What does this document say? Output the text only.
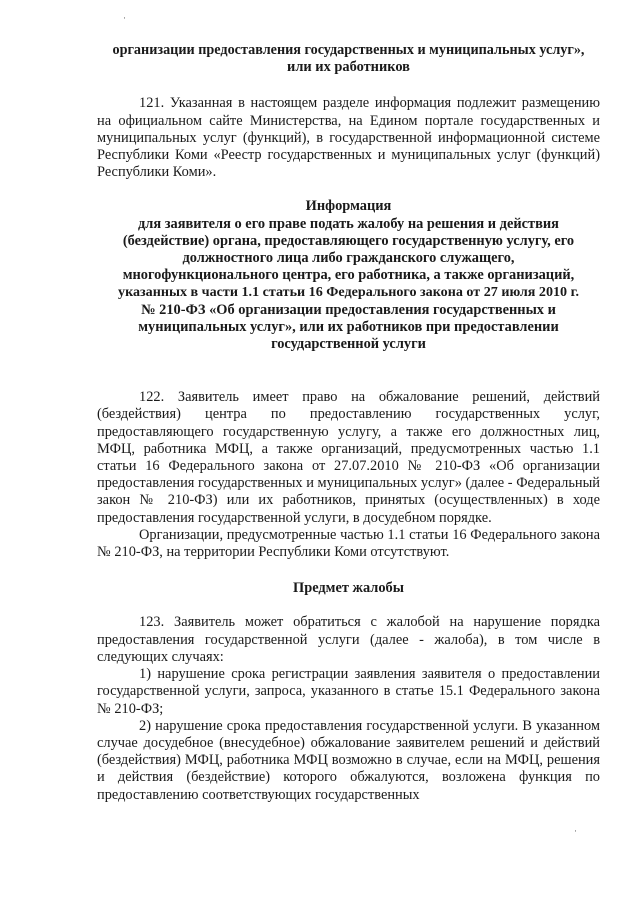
организации предоставления государственных и муниципальных услуг»,
или их работников

121. Указанная в настоящем разделе информация подлежит размещению на официальном сайте Министерства, на Едином портале государственных и муниципальных услуг (функций), в государственной информационной системе Республики Коми «Реестр государственных и муниципальных услуг (функций) Республики Коми».

Информация
для заявителя о его праве подать жалобу на решения и действия
(бездействие) органа, предоставляющего государственную услугу, его
должностного лица либо гражданского служащего,
многофункционального центра, его работника, а также организаций,
указанных в части 1.1 статьи 16 Федерального закона от 27 июля 2010 г.
№ 210-ФЗ «Об организации предоставления государственных и
муниципальных услуг», или их работников при предоставлении
государственной услуги

122. Заявитель имеет право на обжалование решений, действий (бездействия) центра по предоставлению государственных услуг, предоставляющего государственную услугу, а также его должностных лиц, МФЦ, работника МФЦ, а также организаций, предусмотренных частью 1.1 статьи 16 Федерального закона от 27.07.2010 № 210-ФЗ «Об организации предоставления государственных и муниципальных услуг» (далее - Федеральный закон № 210-ФЗ) или их работников, принятых (осуществленных) в ходе предоставления государственной услуги, в досудебном порядке.

Организации, предусмотренные частью 1.1 статьи 16 Федерального закона № 210-ФЗ, на территории Республики Коми отсутствуют.

Предмет жалобы

123. Заявитель может обратиться с жалобой на нарушение порядка предоставления государственной услуги (далее - жалоба), в том числе в следующих случаях:

1) нарушение срока регистрации заявления заявителя о предоставлении государственной услуги, запроса, указанного в статье 15.1 Федерального закона № 210-ФЗ;

2) нарушение срока предоставления государственной услуги. В указанном случае досудебное (внесудебное) обжалование заявителем решений и действий (бездействия) МФЦ, работника МФЦ возможно в случае, если на МФЦ, решения и действия (бездействие) которого обжалуются, возложена функция по предоставлению соответствующих государственных

·
·
